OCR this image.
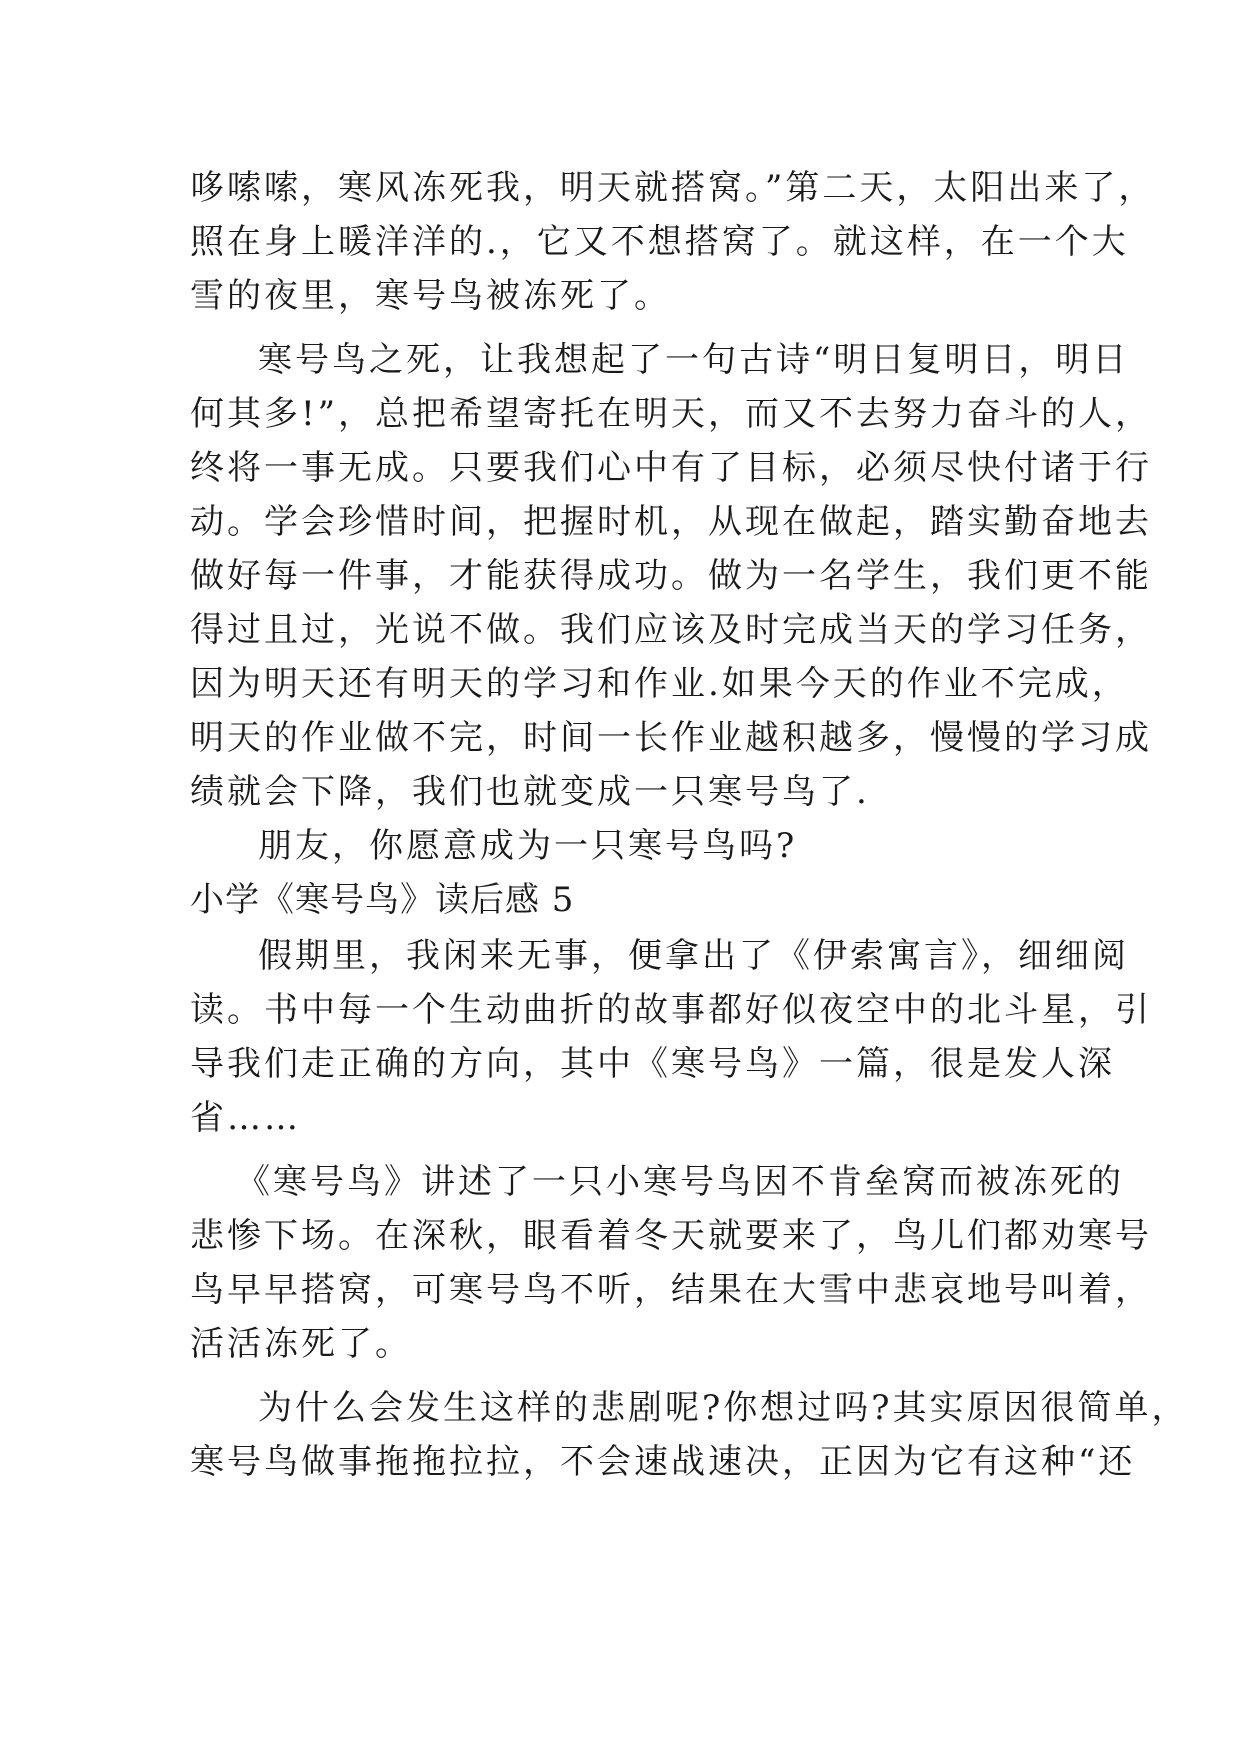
哆嗦嗦，寒风冻死我，明天就搭窝。”第二天，太阳出来了，

照在身上暖洋洋的.，它又不想搭窝了。就这样，在一个大

雪的夜里，寒号鸟被冻死了。

寒号鸟之死，让我想起了一句古诗“明日复明日，明日

何其多!”，总把希望寄托在明天，而又不去努力奋斗的人，

终将一事无成。只要我们心中有了目标，必须尽快付诸于行

动。学会珍惜时间，把握时机，从现在做起，踏实勤奋地去

做好每一件事，才能获得成功。做为一名学生，我们更不能

得过且过，光说不做。我们应该及时完成当天的学习任务，

因为明天还有明天的学习和作业.如果今天的作业不完成，

明天的作业做不完，时间一长作业越积越多，慢慢的学习成

绩就会下降，我们也就变成一只寒号鸟了.

朋友，你愿意成为一只寒号鸟吗?

小学《寒号鸟》读后感 5

假期里，我闲来无事，便拿出了《伊索寓言》，细细阅

读。书中每一个生动曲折的故事都好似夜空中的北斗星，引

导我们走正确的方向，其中《寒号鸟》一篇，很是发人深

省……

《寒号鸟》讲述了一只小寒号鸟因不肯垒窝而被冻死的

悲惨下场。在深秋，眼看着冬天就要来了，鸟儿们都劝寒号

鸟早早搭窝，可寒号鸟不听，结果在大雪中悲哀地号叫着，

活活冻死了。

为什么会发生这样的悲剧呢?你想过吗?其实原因很简单，

寒号鸟做事拖拖拉拉，不会速战速决，正因为它有这种“还
